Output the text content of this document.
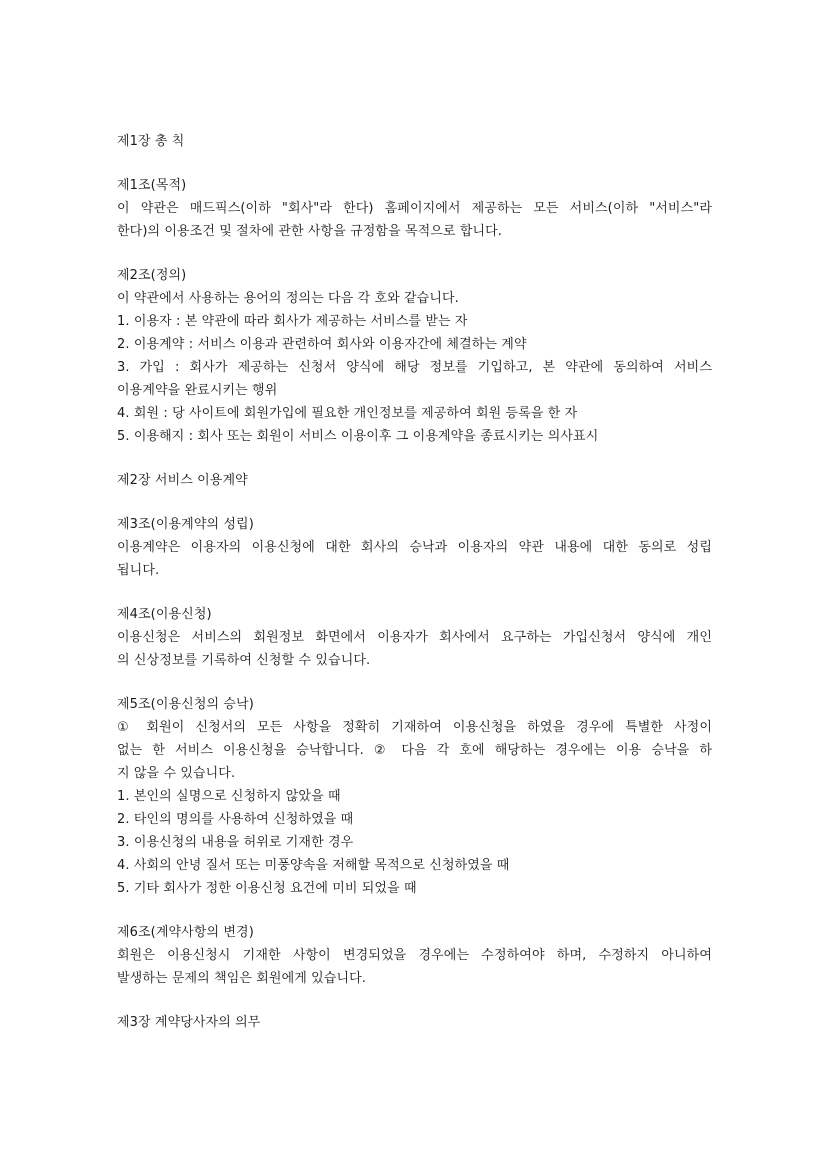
제1장 총 칙
제1조(목적)
이 약관은 매드픽스(이하 "회사"라 한다) 홈페이지에서 제공하는 모든 서비스(이하 "서비스"라
한다)의 이용조건 및 절차에 관한 사항을 규정함을 목적으로 합니다.
제2조(정의)
이 약관에서 사용하는 용어의 정의는 다음 각 호와 같습니다.
1. 이용자 : 본 약관에 따라 회사가 제공하는 서비스를 받는 자
2. 이용계약 : 서비스 이용과 관련하여 회사와 이용자간에 체결하는 계약
3. 가입 : 회사가 제공하는 신청서 양식에 해당 정보를 기입하고, 본 약관에 동의하여 서비스
이용계약을 완료시키는 행위
4. 회원 : 당 사이트에 회원가입에 필요한 개인정보를 제공하여 회원 등록을 한 자
5. 이용해지 : 회사 또는 회원이 서비스 이용이후 그 이용계약을 종료시키는 의사표시
제2장 서비스 이용계약
제3조(이용계약의 성립)
이용계약은 이용자의 이용신청에 대한 회사의 승낙과 이용자의 약관 내용에 대한 동의로 성립
됩니다.
제4조(이용신청)
이용신청은 서비스의 회원정보 화면에서 이용자가 회사에서 요구하는 가입신청서 양식에 개인
의 신상정보를 기록하여 신청할 수 있습니다.
제5조(이용신청의 승낙)
① 회원이 신청서의 모든 사항을 정확히 기재하여 이용신청을 하였을 경우에 특별한 사정이
없는 한 서비스 이용신청을 승낙합니다. ② 다음 각 호에 해당하는 경우에는 이용 승낙을 하
지 않을 수 있습니다.
1. 본인의 실명으로 신청하지 않았을 때
2. 타인의 명의를 사용하여 신청하였을 때
3. 이용신청의 내용을 허위로 기재한 경우
4. 사회의 안녕 질서 또는 미풍양속을 저해할 목적으로 신청하였을 때
5. 기타 회사가 정한 이용신청 요건에 미비 되었을 때
제6조(계약사항의 변경)
회원은 이용신청시 기재한 사항이 변경되었을 경우에는 수정하여야 하며, 수정하지 아니하여
발생하는 문제의 책임은 회원에게 있습니다.
제3장 계약당사자의 의무
